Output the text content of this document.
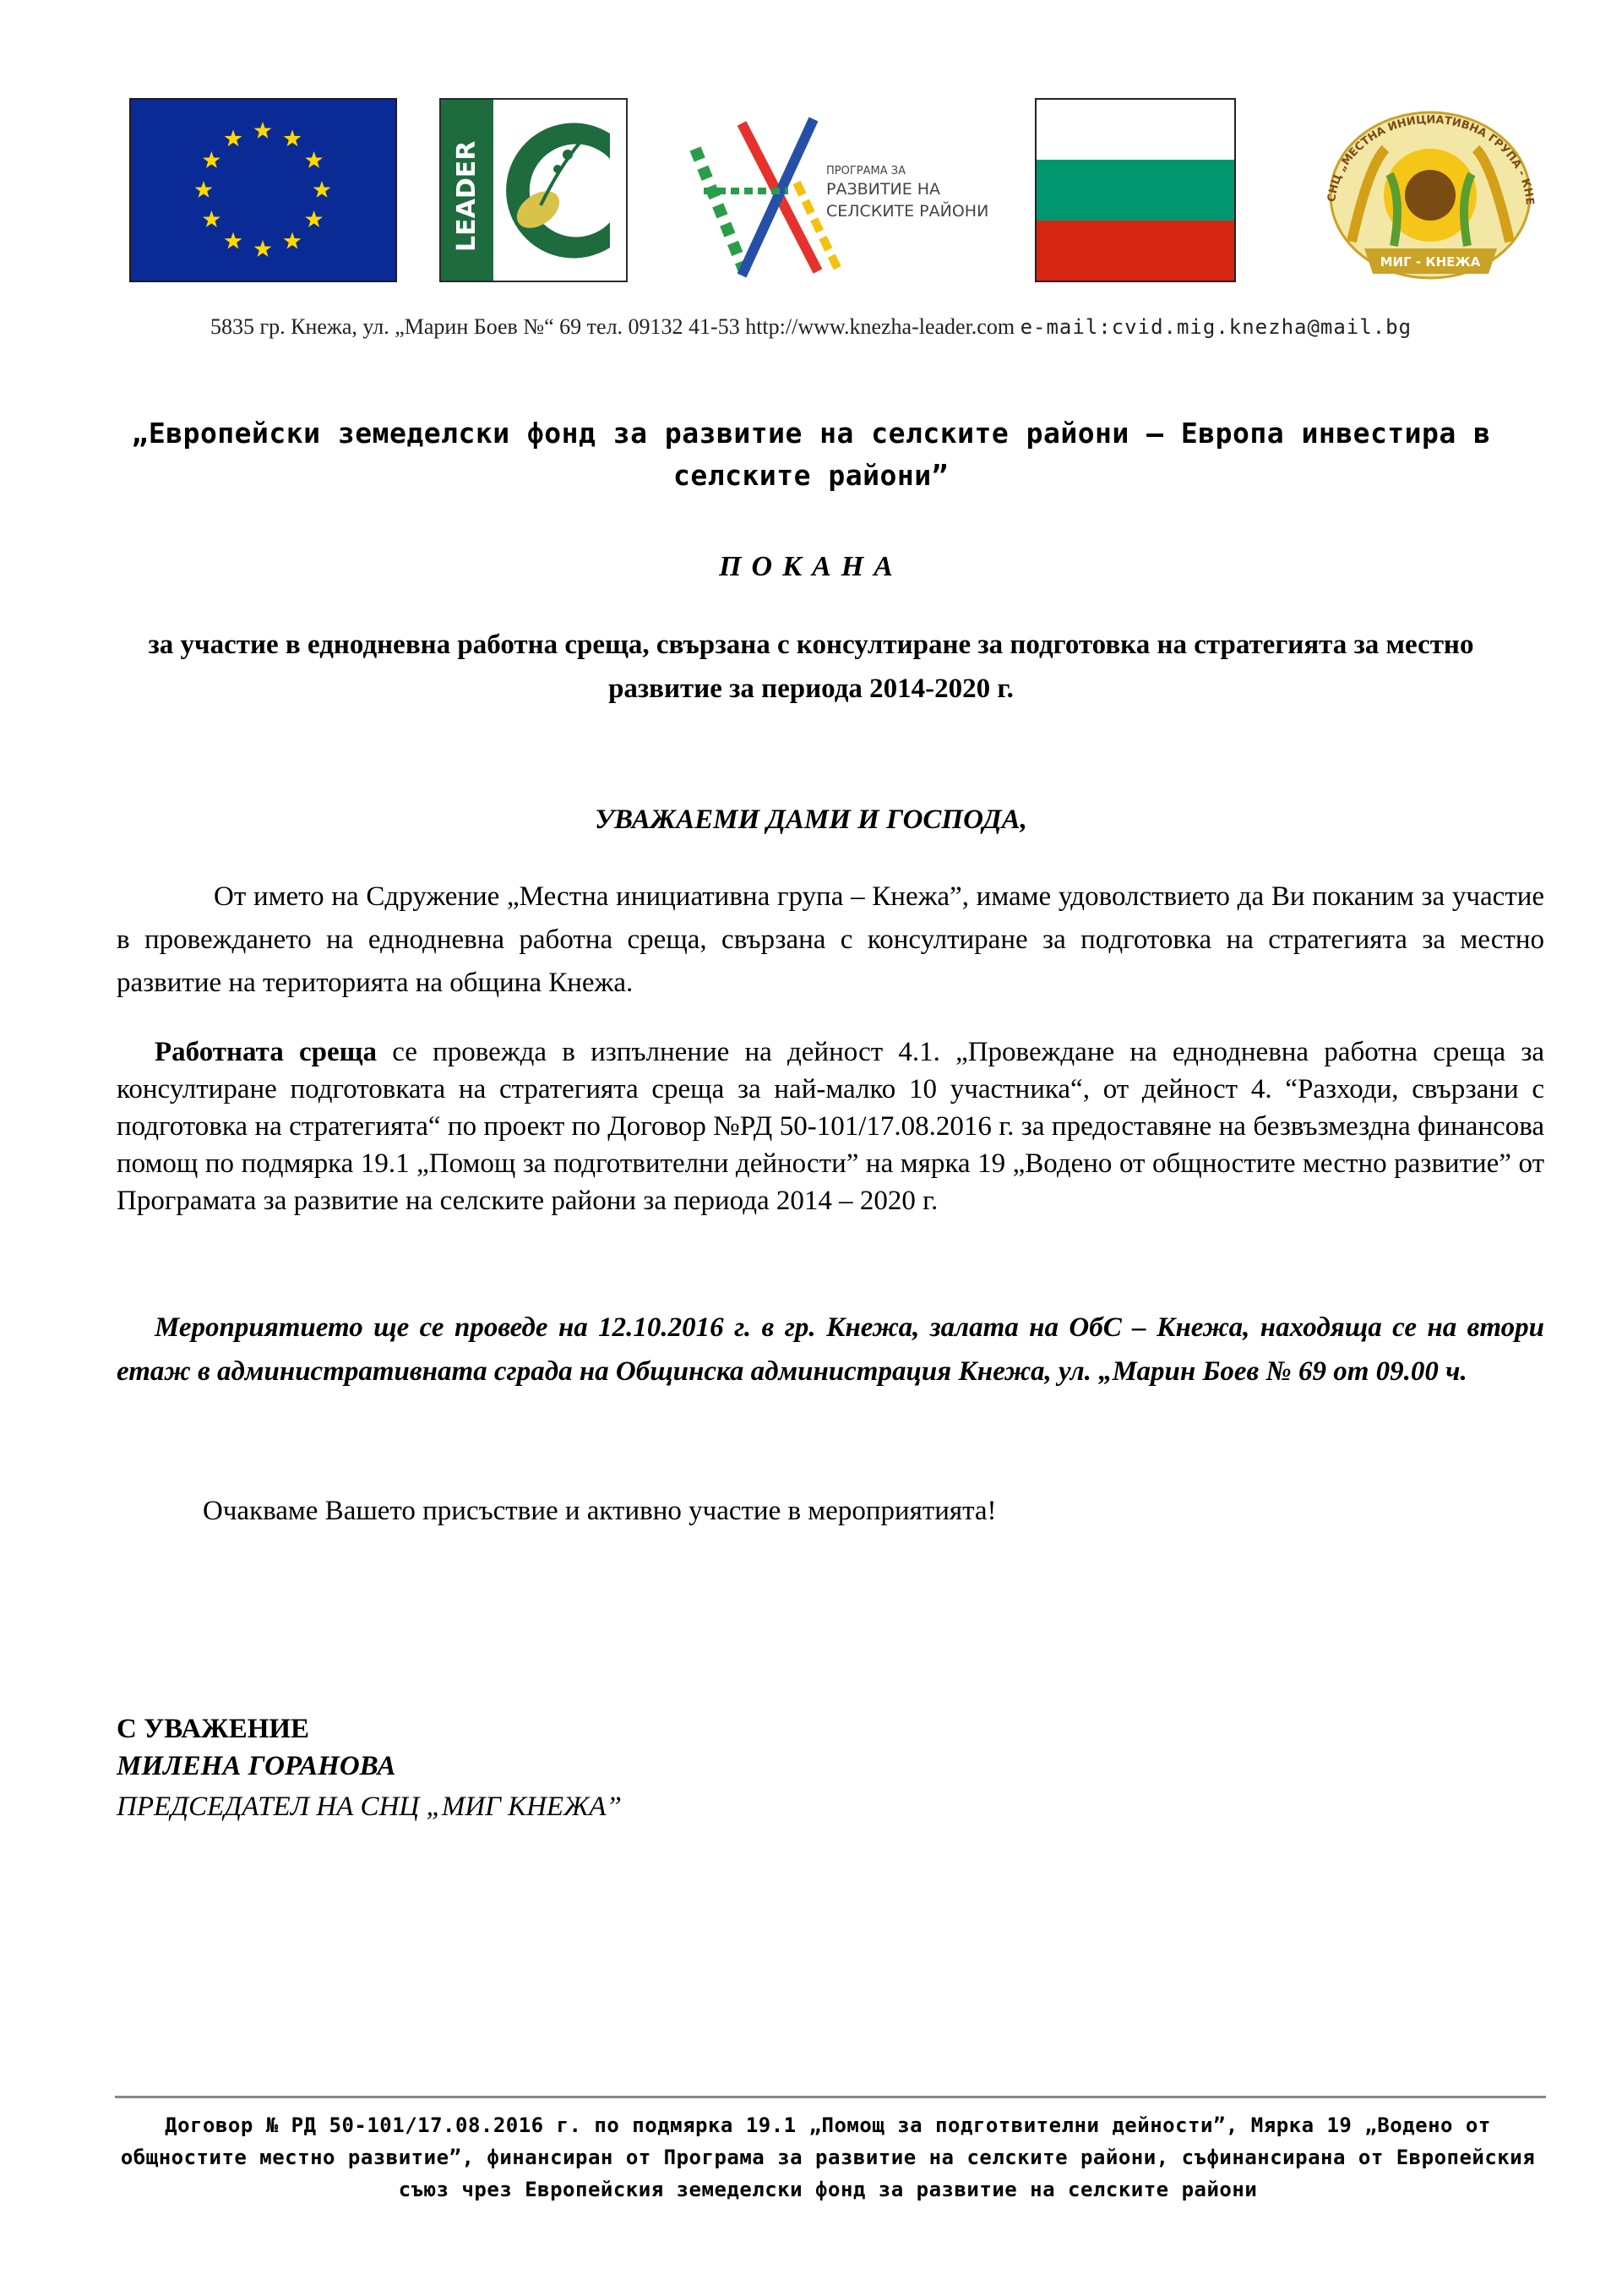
LEADER	ПРОГРАМА ЗА
РАЗВИТИЕ НА
СЕЛСКИТЕ РАЙОНИ
СНЦ „МЕСТНА ИНИЦИАТИВНА ГРУПА - КНЕ
МИГ - КНЕЖА
5835 гр. Кнежа, ул. „Марин Боев №“ 69 тел. 09132 41-53 http://www.knezha-leader.com e-mail:cvid.mig.knezha@mail.bg
„Европейски земеделски фонд за развитие на селските райони – Европа инвестира в селските райони”
ПОКАНА
за участие в еднодневна работна среща, свързана с консултиране за подготовка на стратегията за местно развитие за периода 2014-2020 г.
УВАЖАЕМИ ДАМИ И ГОСПОДА,

От името на Сдружение „Местна инициативна група – Кнежа”, имаме удоволствието да Ви поканим за участие в провеждането на еднодневна работна среща, свързана с консултиране за подготовка на стратегията за местно развитие на територията на община Кнежа.

Работната среща се провежда в изпълнение на дейност 4.1. „Провеждане на еднодневна работна среща за консултиране подготовката на стратегията среща за най-малко 10 участника“, от дейност 4. “Разходи, свързани с подготовка на стратегията“ по проект по Договор №РД 50-101/17.08.2016 г. за предоставяне на безвъзмездна финансова помощ по подмярка 19.1 „Помощ за подготвителни дейности” на мярка 19 „Водено от общностите местно развитие” от Програмата за развитие на селските райони за периода 2014 – 2020 г.

Мероприятието ще се проведе на 12.10.2016 г. в гр. Кнежа, залата на ОбС – Кнежа, находяща се на втори етаж в административната сграда на Общинска администрация Кнежа, ул. „Марин Боев № 69 от 09.00 ч.

Очакваме Вашето присъствие и активно участие в мероприятията!
С УВАЖЕНИЕ
МИЛЕНА ГОРАНОВА
ПРЕДСЕДАТЕЛ НА СНЦ „МИГ КНЕЖА”

Договор № РД 50-101/17.08.2016 г. по подмярка 19.1 „Помощ за подготвителни дейности”, Мярка 19 „Водено от общностите местно развитие”, финансиран от Програма за развитие на селските райони, съфинансирана от Европейския съюз чрез Европейския земеделски фонд за развитие на селските райони
